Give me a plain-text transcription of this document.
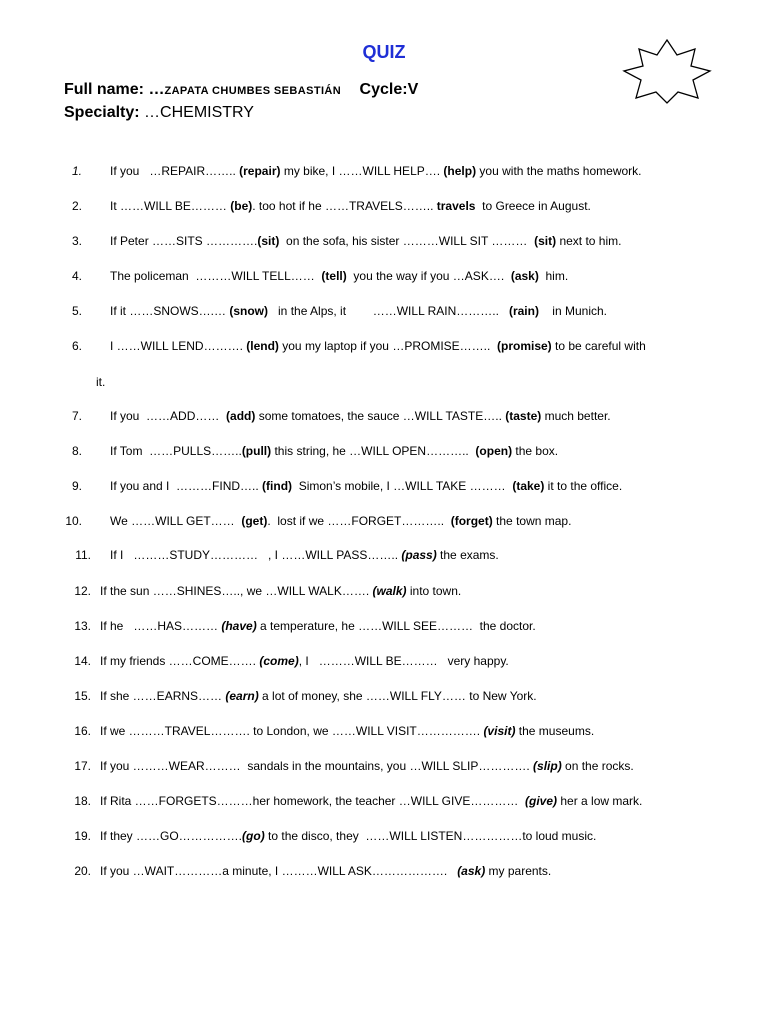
QUIZ
Full name: …ZAPATA CHUMBES SEBASTIÁN Cycle:V
Specialty: …CHEMISTRY
1. If you   …REPAIR…….. (repair) my bike, I ……WILL HELP…. (help) you with the maths homework.
2. It ……WILL BE……… (be). too hot if he ……TRAVELS…….. travels  to Greece in August.
3. If Peter ……SITS ………….(sit)  on the sofa, his sister ………WILL SIT ………  (sit) next to him.
4. The policeman  ………WILL TELL……  (tell)  you the way if you …ASK….  (ask)  him.
5. If it ……SNOWS….… (snow)   in the Alps, it        ……WILL RAIN………..   (rain)    in Munich.
6. I ……WILL LEND………. (lend) you my laptop if you …PROMISE……..  (promise) to be careful with
7. If you  ……ADD……  (add) some tomatoes, the sauce …WILL TASTE….. (taste) much better.
8. If Tom  ……PULLS……..(pull) this string, he …WILL OPEN………..  (open) the box.
9. If you and I  ………FIND….. (find)  Simon’s mobile, I …WILL TAKE ………  (take) it to the office.
10. We ……WILL GET……  (get).  lost if we ……FORGET………..  (forget) the town map.
11. If I   ………STUDY…………   , I ……WILL PASS…….. (pass) the exams.
12. If the sun ……SHINES….., we …WILL WALK……. (walk) into town.
13. If he   ……HAS……… (have) a temperature, he ……WILL SEE………  the doctor.
14. If my friends ……COME……. (come), I   ………WILL BE………   very happy.
15. If she ……EARNS…… (earn) a lot of money, she ……WILL FLY…… to New York.
16. If we ………TRAVEL………. to London, we ……WILL VISIT……………. (visit) the museums.
17. If you ………WEAR………  sandals in the mountains, you …WILL SLIP…………. (slip) on the rocks.
18. If Rita ……FORGETS………her homework, the teacher …WILL GIVE…………  (give) her a low mark.
19. If they ……GO…………….(go) to the disco, they  ……WILL LISTEN……………to loud music.
20. If you …WAIT…………a minute, I ………WILL ASK……………….   (ask) my parents.
it.
